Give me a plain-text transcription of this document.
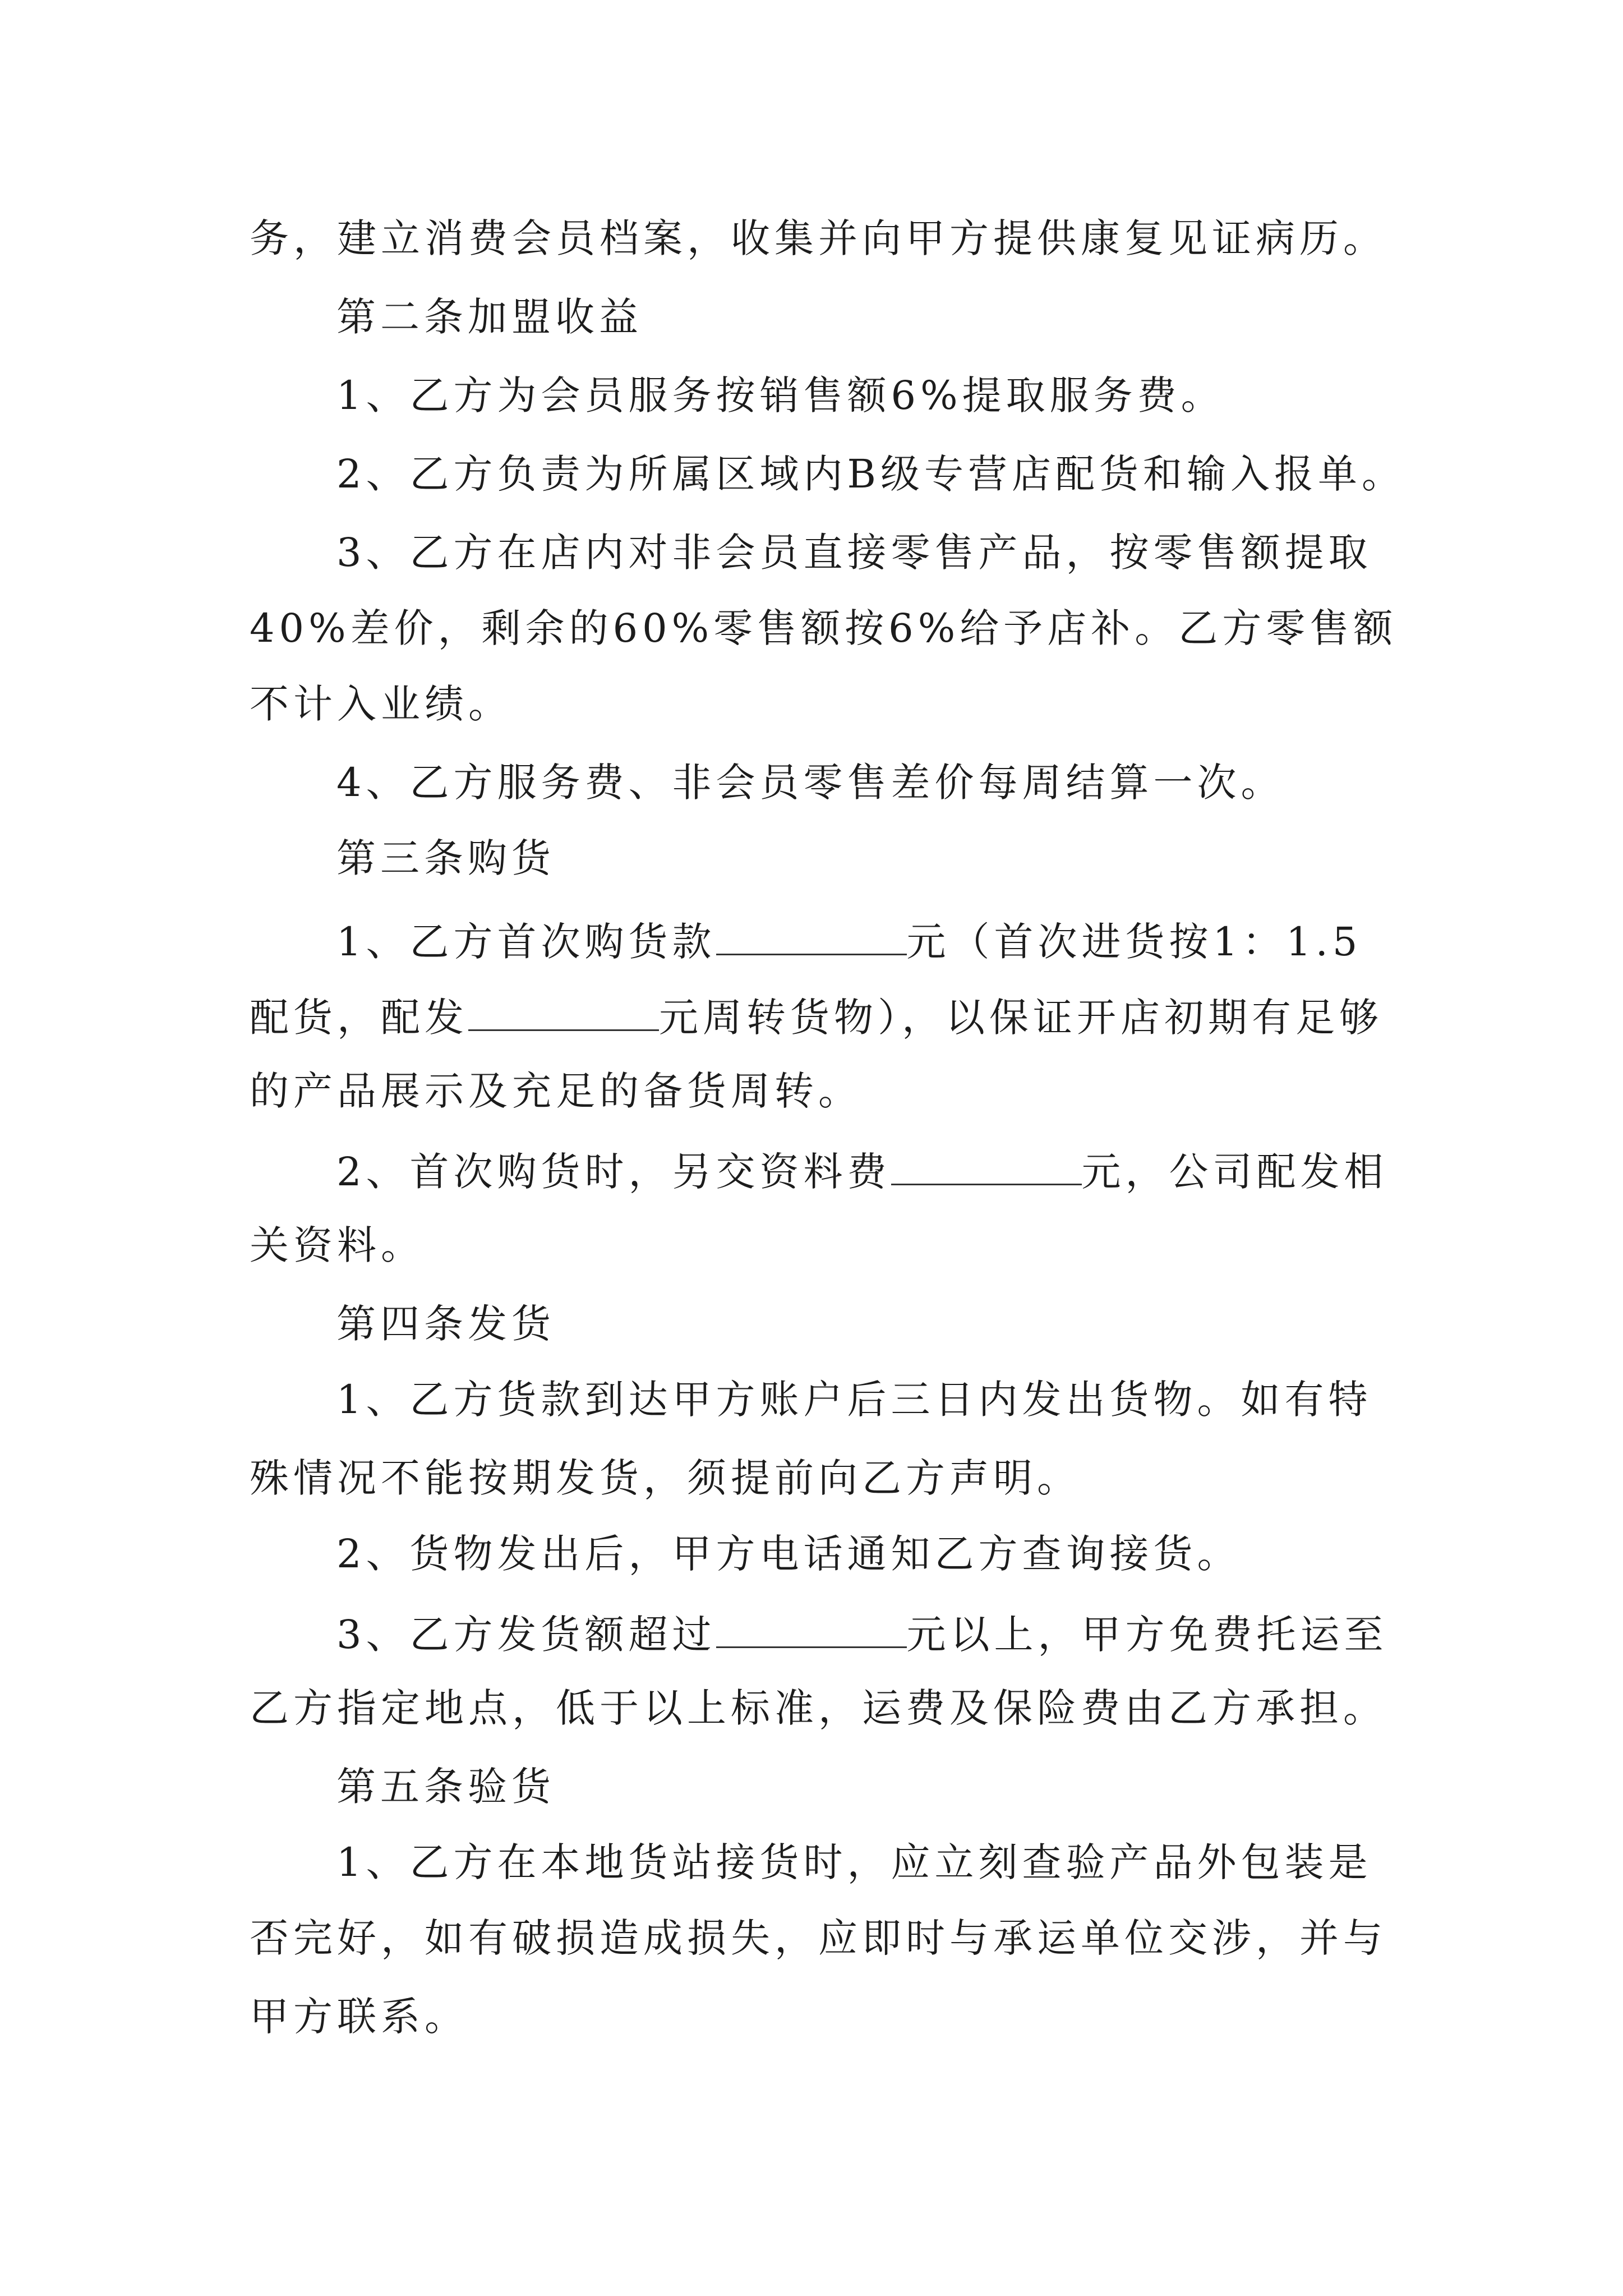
务，建立消费会员档案，收集并向甲方提供康复见证病历。

第二条加盟收益

1、乙方为会员服务按销售额6%提取服务费。

2、乙方负责为所属区域内B级专营店配货和输入报单。

3、乙方在店内对非会员直接零售产品，按零售额提取

40%差价，剩余的60%零售额按6%给予店补。乙方零售额

不计入业绩。

4、乙方服务费、非会员零售差价每周结算一次。

第三条购货

1、乙方首次购货款	元（首次进货按1：1.5

配货，配发	元周转货物），以保证开店初期有足够

的产品展示及充足的备货周转。

2、首次购货时，另交资料费	元，公司配发相

关资料。

第四条发货

1、乙方货款到达甲方账户后三日内发出货物。如有特

殊情况不能按期发货，须提前向乙方声明。

2、货物发出后，甲方电话通知乙方查询接货。

3、乙方发货额超过	元以上，甲方免费托运至

乙方指定地点，低于以上标准，运费及保险费由乙方承担。

第五条验货

1、乙方在本地货站接货时，应立刻查验产品外包装是

否完好，如有破损造成损失，应即时与承运单位交涉，并与

甲方联系。
